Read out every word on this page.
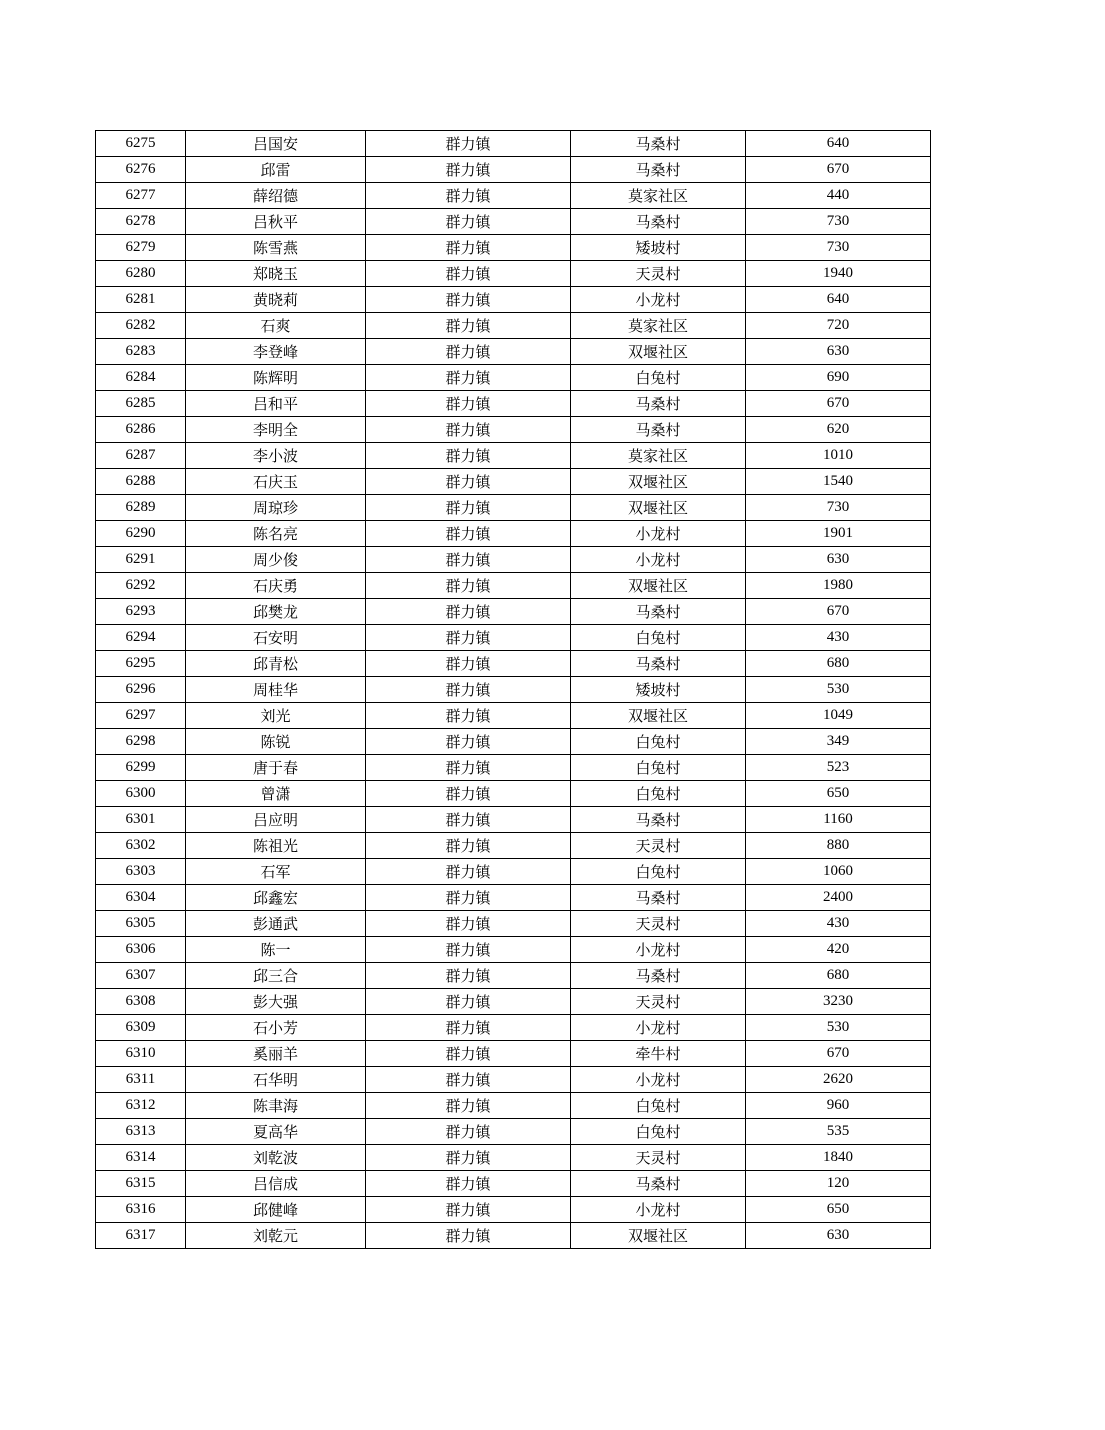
6275	吕国安	群力镇	马桑村	640
6276	邱雷	群力镇	马桑村	670
6277	薛绍德	群力镇	莫家社区	440
6278	吕秋平	群力镇	马桑村	730
6279	陈雪燕	群力镇	矮坡村	730
6280	郑晓玉	群力镇	天灵村	1940
6281	黄晓莉	群力镇	小龙村	640
6282	石爽	群力镇	莫家社区	720
6283	李登峰	群力镇	双堰社区	630
6284	陈辉明	群力镇	白兔村	690
6285	吕和平	群力镇	马桑村	670
6286	李明全	群力镇	马桑村	620
6287	李小波	群力镇	莫家社区	1010
6288	石庆玉	群力镇	双堰社区	1540
6289	周琼珍	群力镇	双堰社区	730
6290	陈名亮	群力镇	小龙村	1901
6291	周少俊	群力镇	小龙村	630
6292	石庆勇	群力镇	双堰社区	1980
6293	邱樊龙	群力镇	马桑村	670
6294	石安明	群力镇	白兔村	430
6295	邱青松	群力镇	马桑村	680
6296	周桂华	群力镇	矮坡村	530
6297	刘光	群力镇	双堰社区	1049
6298	陈锐	群力镇	白兔村	349
6299	唐于春	群力镇	白兔村	523
6300	曾潇	群力镇	白兔村	650
6301	吕应明	群力镇	马桑村	1160
6302	陈祖光	群力镇	天灵村	880
6303	石军	群力镇	白兔村	1060
6304	邱鑫宏	群力镇	马桑村	2400
6305	彭通武	群力镇	天灵村	430
6306	陈一	群力镇	小龙村	420
6307	邱三合	群力镇	马桑村	680
6308	彭大强	群力镇	天灵村	3230
6309	石小芳	群力镇	小龙村	530
6310	奚丽羊	群力镇	牵牛村	670
6311	石华明	群力镇	小龙村	2620
6312	陈聿海	群力镇	白兔村	960
6313	夏高华	群力镇	白兔村	535
6314	刘乾波	群力镇	天灵村	1840
6315	吕信成	群力镇	马桑村	120
6316	邱健峰	群力镇	小龙村	650
6317	刘乾元	群力镇	双堰社区	630
